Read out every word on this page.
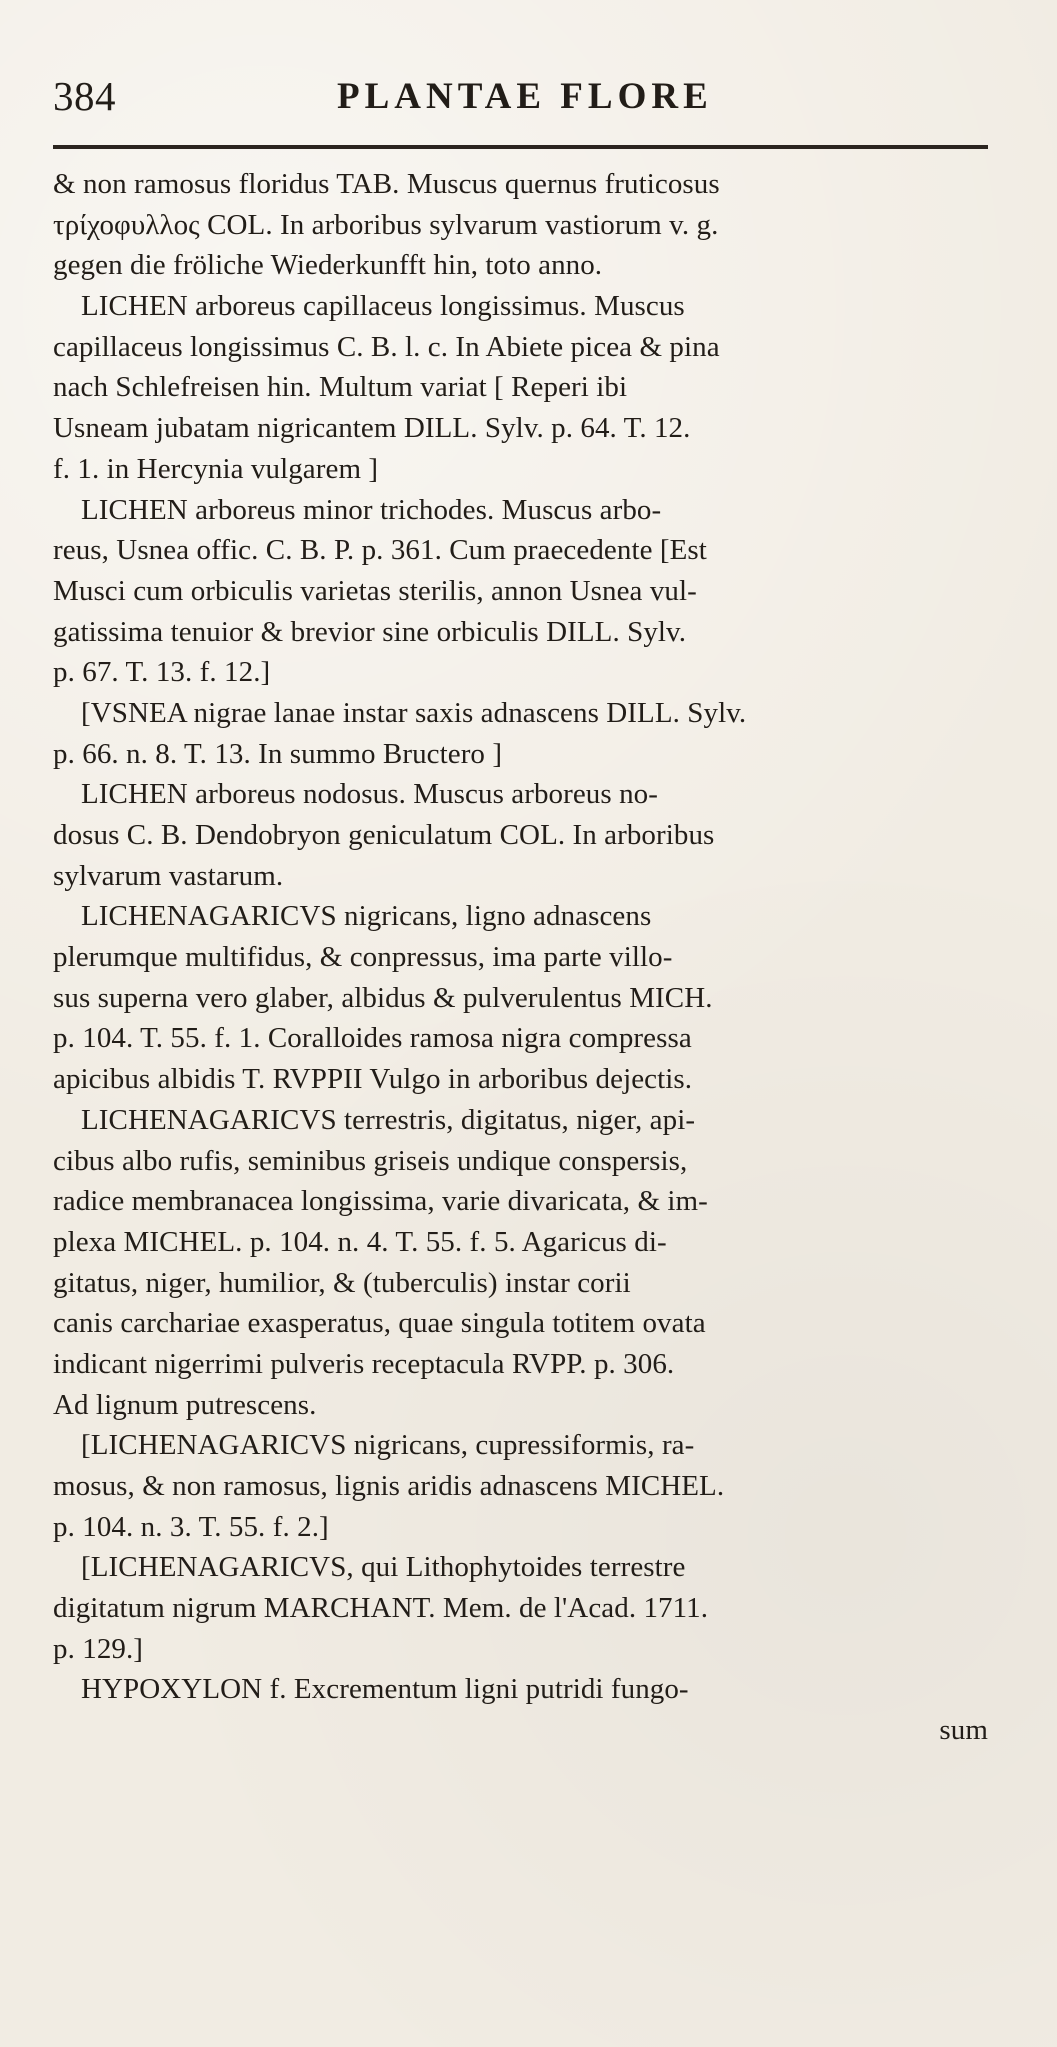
384	PLANTAE FLORE
& non ramosus floridus TAB. Muscus quernus fruticosus
τρίχοφυλλος COL. In arboribus sylvarum vastiorum v. g.
gegen die fröliche Wiederkunfft hin, toto anno.
LICHEN arboreus capillaceus longissimus. Muscus
capillaceus longissimus C. B. l. c. In Abiete picea & pina
nach Schlefreisen hin. Multum variat [ Reperi ibi
Usneam jubatam nigricantem DILL. Sylv. p. 64. T. 12.
f. 1. in Hercynia vulgarem ]
LICHEN arboreus minor trichodes. Muscus arbo-
reus, Usnea offic. C. B. P. p. 361. Cum praecedente [Est
Musci cum orbiculis varietas sterilis, annon Usnea vul-
gatissima tenuior & brevior sine orbiculis DILL. Sylv.
p. 67. T. 13. f. 12.]
[VSNEA nigrae lanae instar saxis adnascens DILL. Sylv.
p. 66. n. 8. T. 13. In summo Bructero ]
LICHEN arboreus nodosus. Muscus arboreus no-
dosus C. B. Dendobryon geniculatum COL. In arboribus
sylvarum vastarum.
LICHENAGARICVS nigricans, ligno adnascens
plerumque multifidus, & conpressus, ima parte villo-
sus superna vero glaber, albidus & pulverulentus MICH.
p. 104. T. 55. f. 1. Coralloides ramosa nigra compressa
apicibus albidis T. RVPPII Vulgo in arboribus dejectis.
LICHENAGARICVS terrestris, digitatus, niger, api-
cibus albo rufis, seminibus griseis undique conspersis,
radice membranacea longissima, varie divaricata, & im-
plexa MICHEL. p. 104. n. 4. T. 55. f. 5. Agaricus di-
gitatus, niger, humilior, & (tuberculis) instar corii
canis carchariae exasperatus, quae singula totitem ovata
indicant nigerrimi pulveris receptacula RVPP. p. 306.
Ad lignum putrescens.
[LICHENAGARICVS nigricans, cupressiformis, ra-
mosus, & non ramosus, lignis aridis adnascens MICHEL.
p. 104. n. 3. T. 55. f. 2.]
[LICHENAGARICVS, qui Lithophytoides terrestre
digitatum nigrum MARCHANT. Mem. de l'Acad. 1711.
p. 129.]
HYPOXYLON f. Excrementum ligni putridi fungo-
sum
